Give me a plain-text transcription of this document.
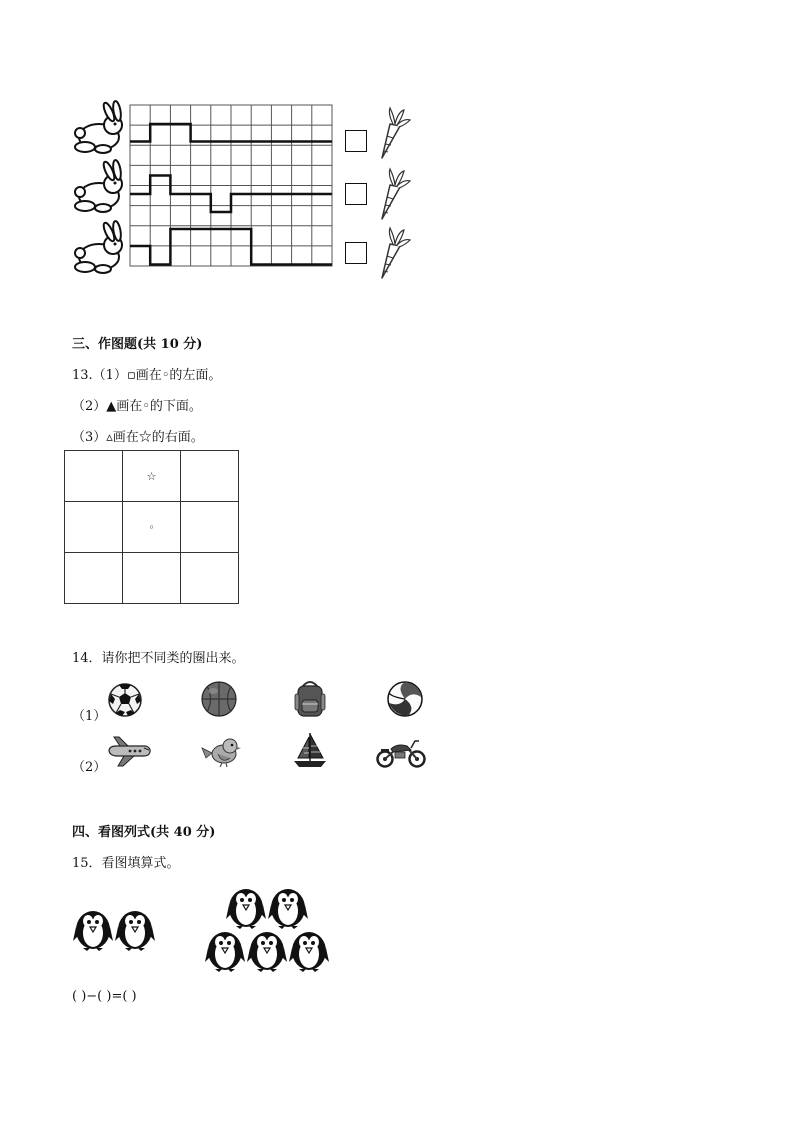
三、作图题(共 10 分)
13.（1）▫画在◦的左面。
（2）▲画在◦的下面。
（3）▵画在☆的右面。
	☆	
	◦	

14．请你把不同类的圈出来。
（1）
（2）
四、看图列式(共 40 分)
15．看图填算式。
( )−( )=( )
